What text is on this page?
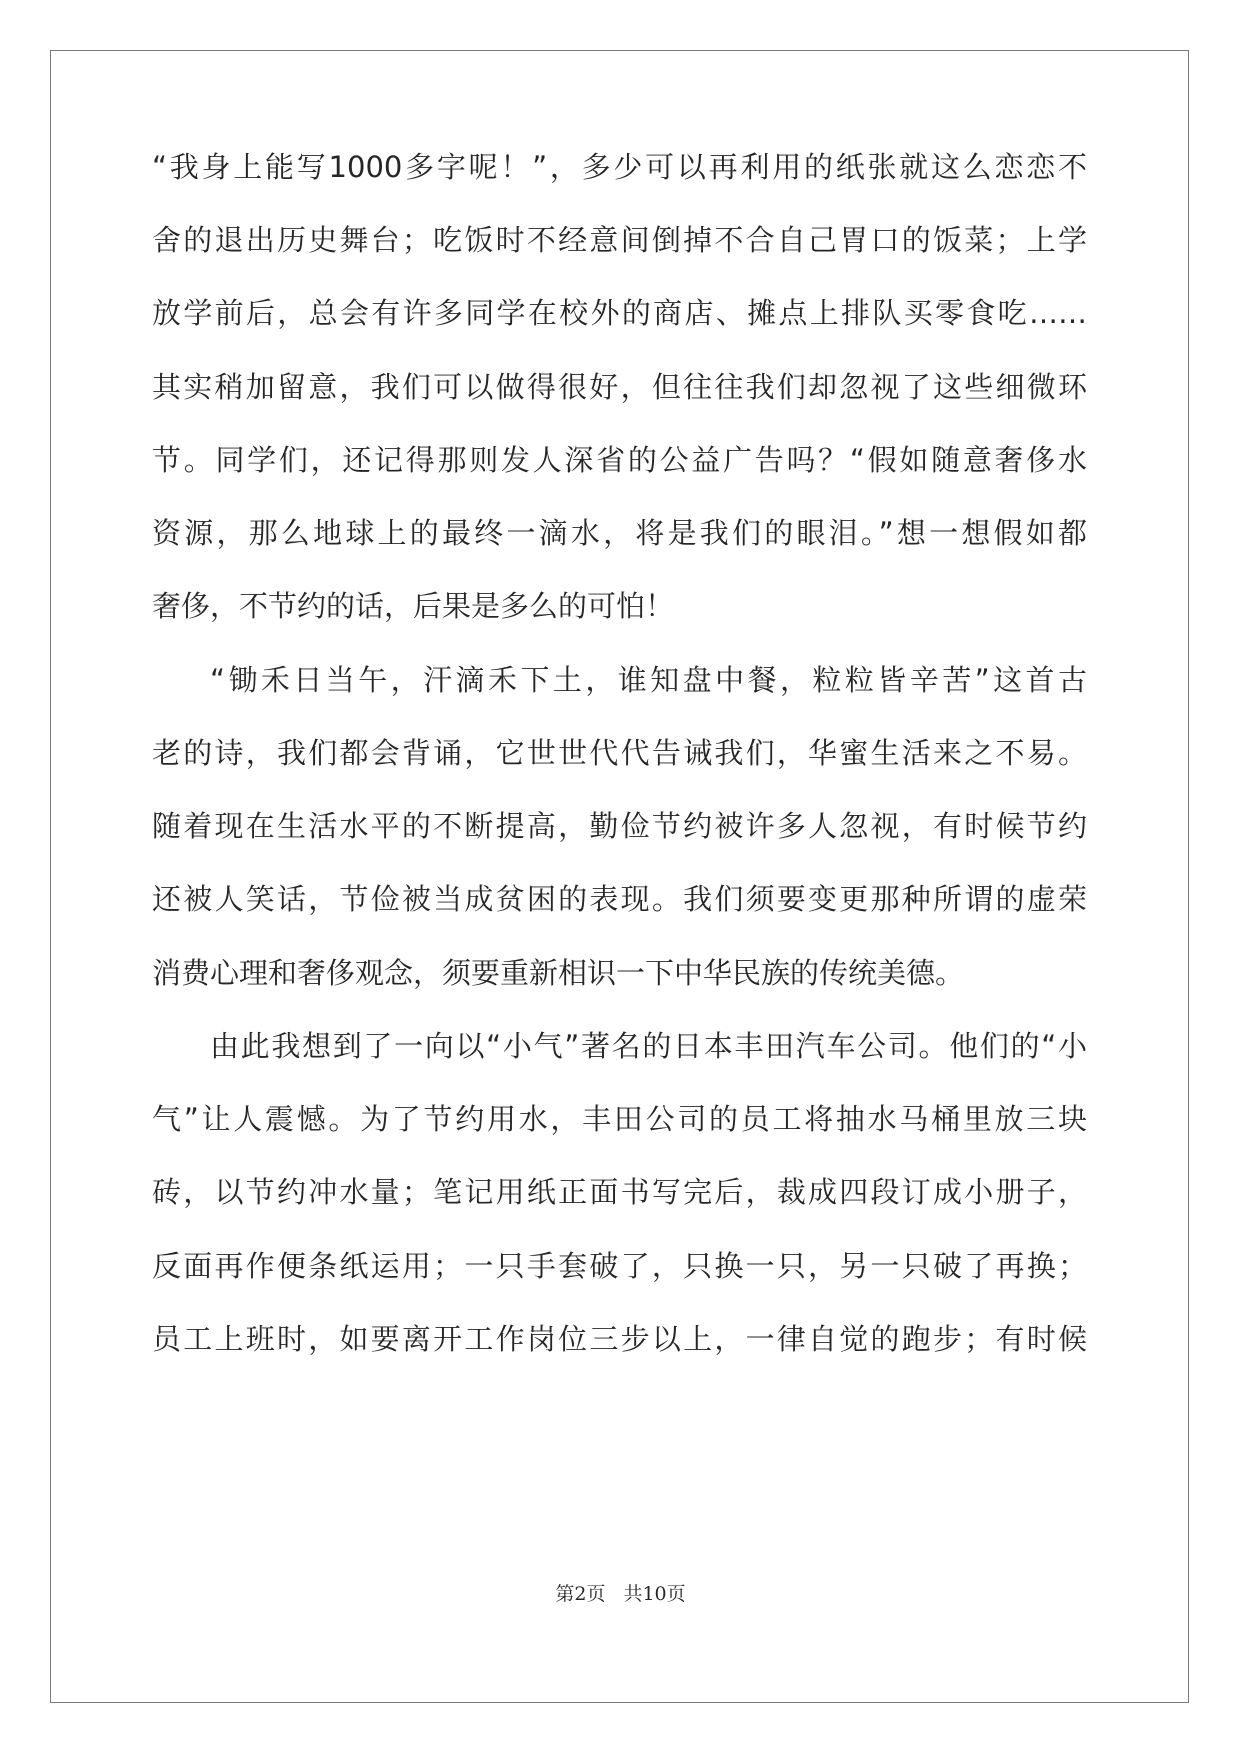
“我身上能写1000多字呢！”，多少可以再利用的纸张就这么恋恋不
舍的退出历史舞台；吃饭时不经意间倒掉不合自己胃口的饭菜；上学
放学前后，总会有许多同学在校外的商店、摊点上排队买零食吃……
其实稍加留意，我们可以做得很好，但往往我们却忽视了这些细微环
节。同学们，还记得那则发人深省的公益广告吗？“假如随意奢侈水
资源，那么地球上的最终一滴水，将是我们的眼泪。”想一想假如都
奢侈，不节约的话，后果是多么的可怕！
“锄禾日当午，汗滴禾下土，谁知盘中餐，粒粒皆辛苦”这首古
老的诗，我们都会背诵，它世世代代告诫我们，华蜜生活来之不易。
随着现在生活水平的不断提高，勤俭节约被许多人忽视，有时候节约
还被人笑话，节俭被当成贫困的表现。我们须要变更那种所谓的虚荣
消费心理和奢侈观念，须要重新相识一下中华民族的传统美德。
由此我想到了一向以“小气”著名的日本丰田汽车公司。他们的“小
气”让人震憾。为了节约用水，丰田公司的员工将抽水马桶里放三块
砖，以节约冲水量；笔记用纸正面书写完后，裁成四段订成小册子，
反面再作便条纸运用；一只手套破了，只换一只，另一只破了再换；
员工上班时，如要离开工作岗位三步以上，一律自觉的跑步；有时候
第2页 共10页
